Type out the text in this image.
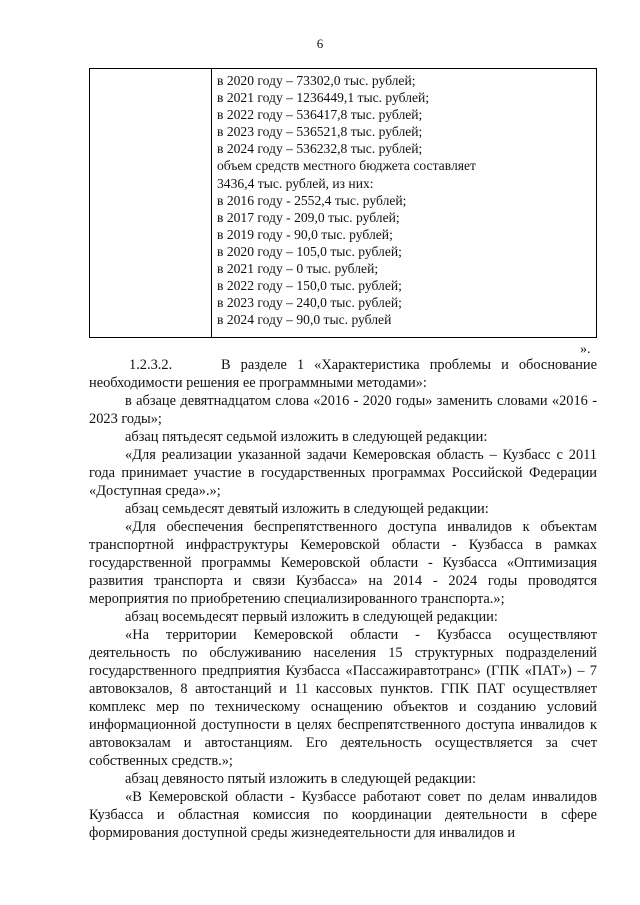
6
в 2020 году – 73302,0 тыс. рублей;
в 2021 году – 1236449,1 тыс. рублей;
в 2022 году – 536417,8 тыс. рублей;
в 2023 году – 536521,8 тыс. рублей;
в 2024 году – 536232,8 тыс. рублей;
объем средств местного бюджета составляет
3436,4 тыс. рублей, из них:
в 2016 году - 2552,4 тыс. рублей;
в 2017 году - 209,0 тыс. рублей;
в 2019 году - 90,0 тыс. рублей;
в 2020 году – 105,0 тыс. рублей;
в 2021 году – 0 тыс. рублей;
в 2022 году – 150,0 тыс. рублей;
в 2023 году – 240,0 тыс. рублей;
в 2024 году – 90,0 тыс. рублей
».

1.2.3.2.	В разделе 1 «Характеристика проблемы и обоснование необходимости решения ее программными методами»:

в абзаце девятнадцатом слова «2016 - 2020 годы» заменить словами «2016 - 2023 годы»;

абзац пятьдесят седьмой изложить в следующей редакции:

«Для реализации указанной задачи Кемеровская область – Кузбасс с 2011 года принимает участие в государственных программах Российской Федерации «Доступная среда».»;

абзац семьдесят девятый изложить в следующей редакции:

«Для обеспечения беспрепятственного доступа инвалидов к объектам транспортной инфраструктуры Кемеровской области - Кузбасса в рамках государственной программы Кемеровской области - Кузбасса «Оптимизация развития транспорта и связи Кузбасса» на 2014 - 2024 годы проводятся мероприятия по приобретению специализированного транспорта.»;

абзац восемьдесят первый изложить в следующей редакции:

«На территории Кемеровской области - Кузбасса осуществляют деятельность по обслуживанию населения 15 структурных подразделений государственного предприятия Кузбасса «Пассажиравтотранс» (ГПК «ПАТ») – 7 автовокзалов, 8 автостанций и 11 кассовых пунктов. ГПК ПАТ осуществляет комплекс мер по техническому оснащению объектов и созданию условий информационной доступности в целях беспрепятственного доступа инвалидов к автовокзалам и автостанциям. Его деятельность осуществляется за счет собственных средств.»;

абзац девяносто пятый изложить в следующей редакции:

«В Кемеровской области - Кузбассе работают совет по делам инвалидов Кузбасса и областная комиссия по координации деятельности в сфере формирования доступной среды жизнедеятельности для инвалидов и
